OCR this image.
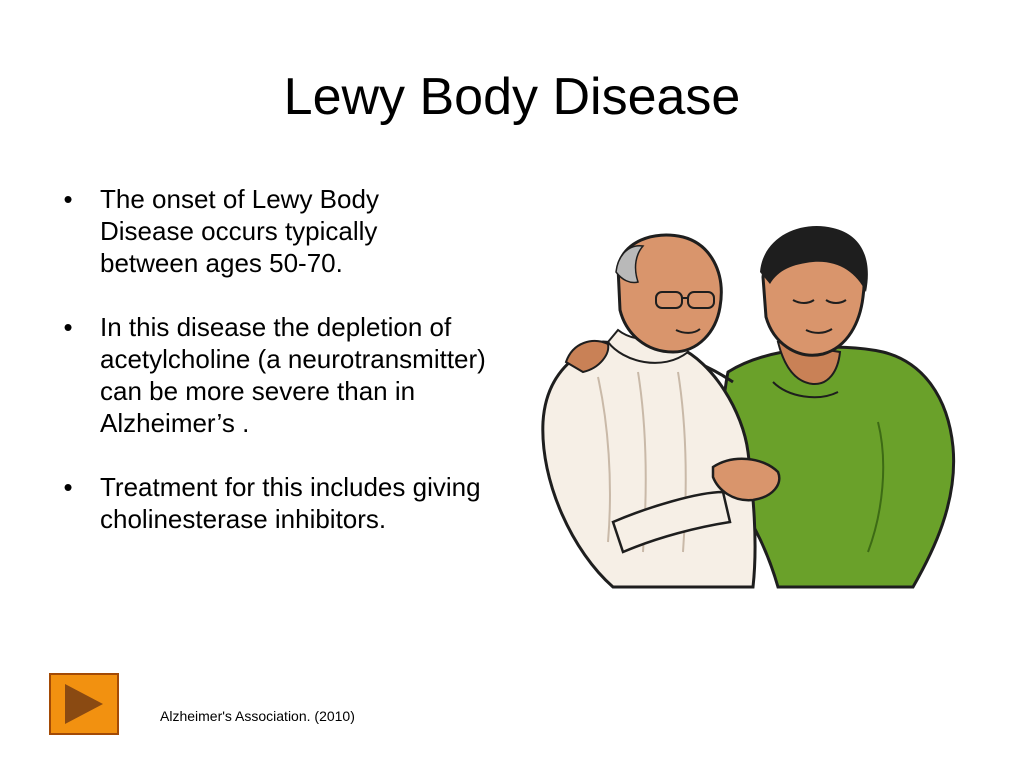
Lewy Body Disease
• The onset of Lewy Body Disease occurs typically between ages 50-70.
• In this disease the depletion of acetylcholine (a neurotransmitter) can be more severe than in Alzheimer’s .
• Treatment for this includes giving cholinesterase inhibitors.
Alzheimer's Association. (2010)
